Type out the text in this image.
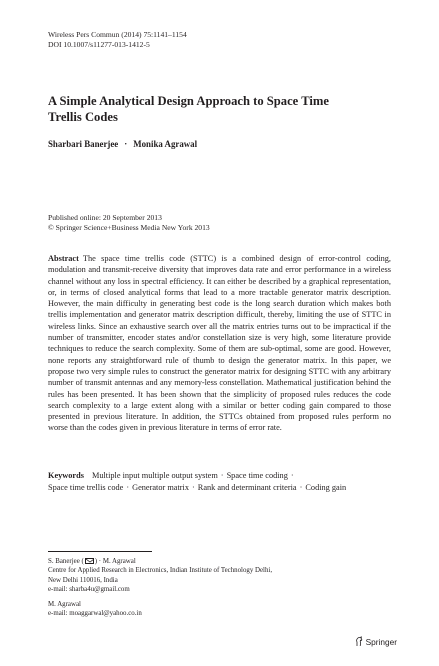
Wireless Pers Commun (2014) 75:1141–1154
DOI 10.1007/s11277-013-1412-5
A Simple Analytical Design Approach to Space Time
Trellis Codes
Sharbari Banerjee · Monika Agrawal
Published online: 20 September 2013
© Springer Science+Business Media New York 2013
Abstract The space time trellis code (STTC) is a combined design of error-control coding, modulation and transmit-receive diversity that improves data rate and error performance in a wireless channel without any loss in spectral efficiency. It can either be described by a graphical representation, or, in terms of closed analytical forms that lead to a more tractable generator matrix description. However, the main difficulty in generating best code is the long search duration which makes both trellis implementation and generator matrix description difficult, thereby, limiting the use of STTC in wireless links. Since an exhaustive search over all the matrix entries turns out to be impractical if the number of transmitter, encoder states and/or constellation size is very high, some literature provide techniques to reduce the search complexity. Some of them are sub-optimal, some are good. However, none reports any straightforward rule of thumb to design the generator matrix. In this paper, we propose two very simple rules to construct the generator matrix for designing STTC with any arbitrary number of transmit antennas and any memory-less constellation. Mathematical justification behind the rules has been presented. It has been shown that the simplicity of proposed rules reduces the code search complexity to a large extent along with a similar or better coding gain compared to those presented in previous literature. In addition, the STTCs obtained from proposed rules perform no worse than the codes given in previous literature in terms of error rate.
Keywords Multiple input multiple output system · Space time coding ·
Space time trellis code · Generator matrix · Rank and determinant criteria · Coding gain
S. Banerjee ( ) · M. Agrawal
Centre for Applied Research in Electronics, Indian Institute of Technology Delhi,
New Delhi 110016, India
e-mail: sharba4u@gmail.com
M. Agrawal
e-mail: moaggarwal@yahoo.co.in
Springer
